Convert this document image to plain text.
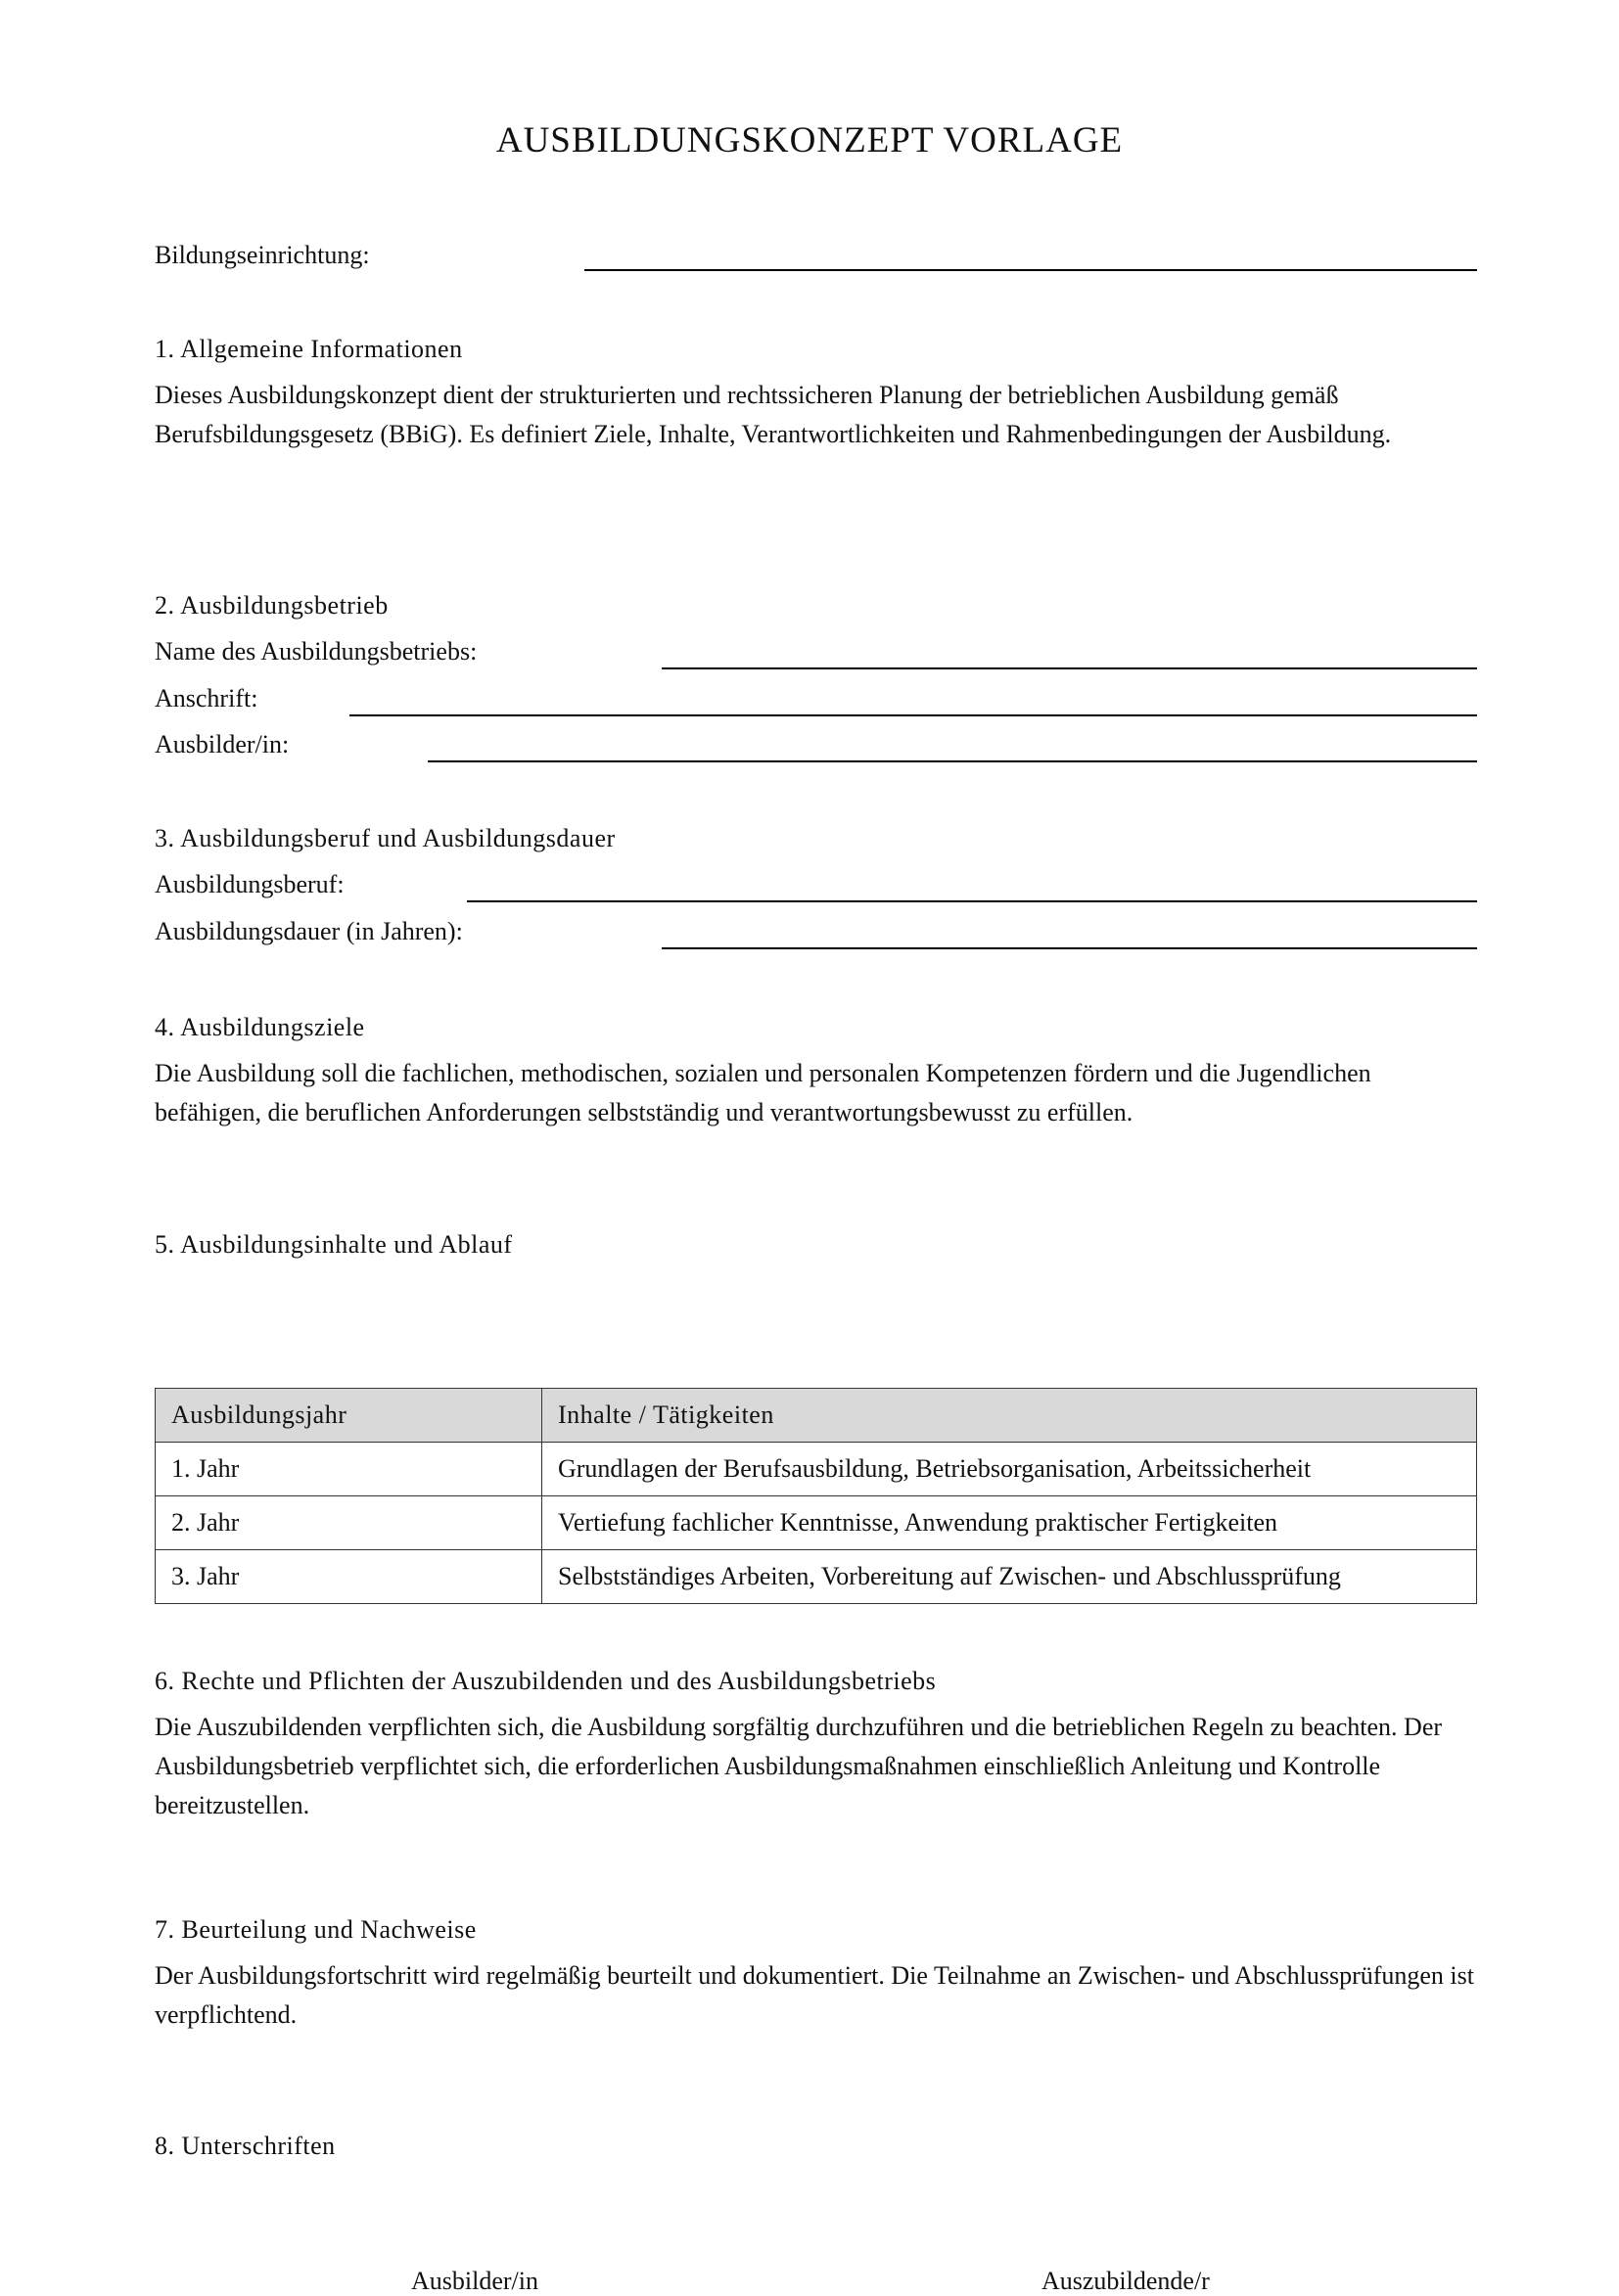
AUSBILDUNGSKONZEPT VORLAGE
Bildungseinrichtung:
1. Allgemeine Informationen
Dieses Ausbildungskonzept dient der strukturierten und rechtssicheren Planung der betrieblichen Ausbildung gemäß Berufsbildungsgesetz (BBiG). Es definiert Ziele, Inhalte, Verantwortlichkeiten und Rahmenbedingungen der Ausbildung.
2. Ausbildungsbetrieb
Name des Ausbildungsbetriebs:
Anschrift:
Ausbilder/in:
3. Ausbildungsberuf und Ausbildungsdauer
Ausbildungsberuf:
Ausbildungsdauer (in Jahren):
4. Ausbildungsziele
Die Ausbildung soll die fachlichen, methodischen, sozialen und personalen Kompetenzen fördern und die Jugendlichen befähigen, die beruflichen Anforderungen selbstständig und verantwortungsbewusst zu erfüllen.
5. Ausbildungsinhalte und Ablauf
Ausbildungsjahr	Inhalte / Tätigkeiten
1. Jahr	Grundlagen der Berufsausbildung, Betriebsorganisation, Arbeitssicherheit
2. Jahr	Vertiefung fachlicher Kenntnisse, Anwendung praktischer Fertigkeiten
3. Jahr	Selbstständiges Arbeiten, Vorbereitung auf Zwischen- und Abschlussprüfung
6. Rechte und Pflichten der Auszubildenden und des Ausbildungsbetriebs
Die Auszubildenden verpflichten sich, die Ausbildung sorgfältig durchzuführen und die betrieblichen Regeln zu beachten. Der Ausbildungsbetrieb verpflichtet sich, die erforderlichen Ausbildungsmaßnahmen einschließlich Anleitung und Kontrolle bereitzustellen.
7. Beurteilung und Nachweise
Der Ausbildungsfortschritt wird regelmäßig beurteilt und dokumentiert. Die Teilnahme an Zwischen- und Abschlussprüfungen ist verpflichtend.
8. Unterschriften
Ausbilder/in	Auszubildende/r
